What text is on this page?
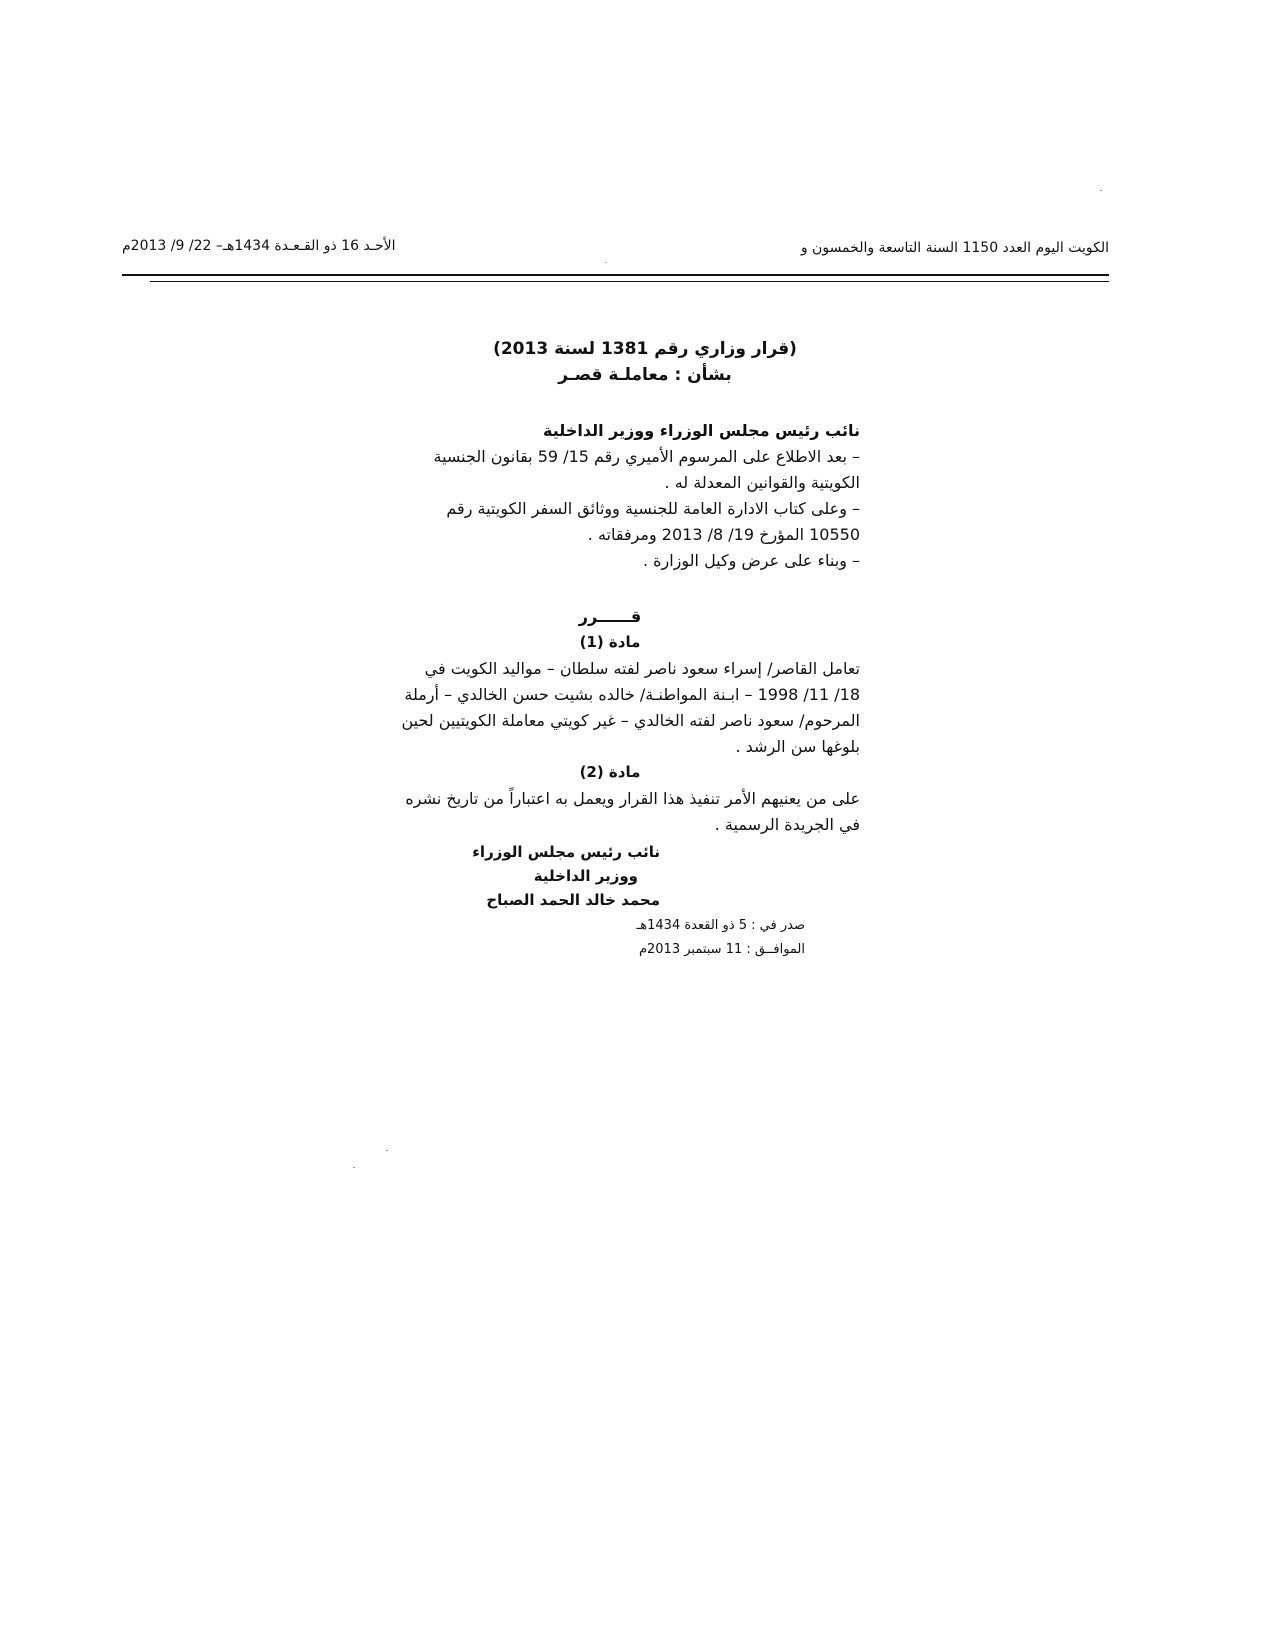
الكويت اليوم العدد 1150 السنة التاسعة والخمسون و
الأحـد 16 ذو القـعـدة 1434هـ– 22/ 9/ 2013م
(قرار وزاري رقم 1381 لسنة 2013)
بشأن : معاملـة قصـر
نائب رئيس مجلس الوزراء ووزير الداخلية

– بعد الاطلاع على المرسوم الأميري رقم 15/ 59 بقانون الجنسية الكويتية والقوانين المعدلة له .

– وعلى كتاب الادارة العامة للجنسية ووثائق السفر الكويتية رقم 10550 المؤرخ 19/ 8/ 2013 ومرفقاته .

– وبناء على عرض وكيل الوزارة .

قــــــرر
مادة (1)

تعامل القاصر/ إسراء سعود ناصر لفته سلطان – مواليد الكويت في 18/ 11/ 1998 – ابـنة المواطنـة/ خالده بشيت حسن الخالدي – أرملة المرحوم/ سعود ناصر لفته الخالدي – غير كويتي معاملة الكويتيين لحين بلوغها سن الرشد .

مادة (2)

على من يعنيهم الأمر تنفيذ هذا القرار ويعمل به اعتباراً من تاريخ نشره في الجريدة الرسمية .

نائب رئيس مجلس الوزراء
ووزير الداخلية
محمد خالد الحمد الصباح
صدر في : 5 ذو القعدة 1434هـ
الموافــق : 11 سبتمبر 2013م
